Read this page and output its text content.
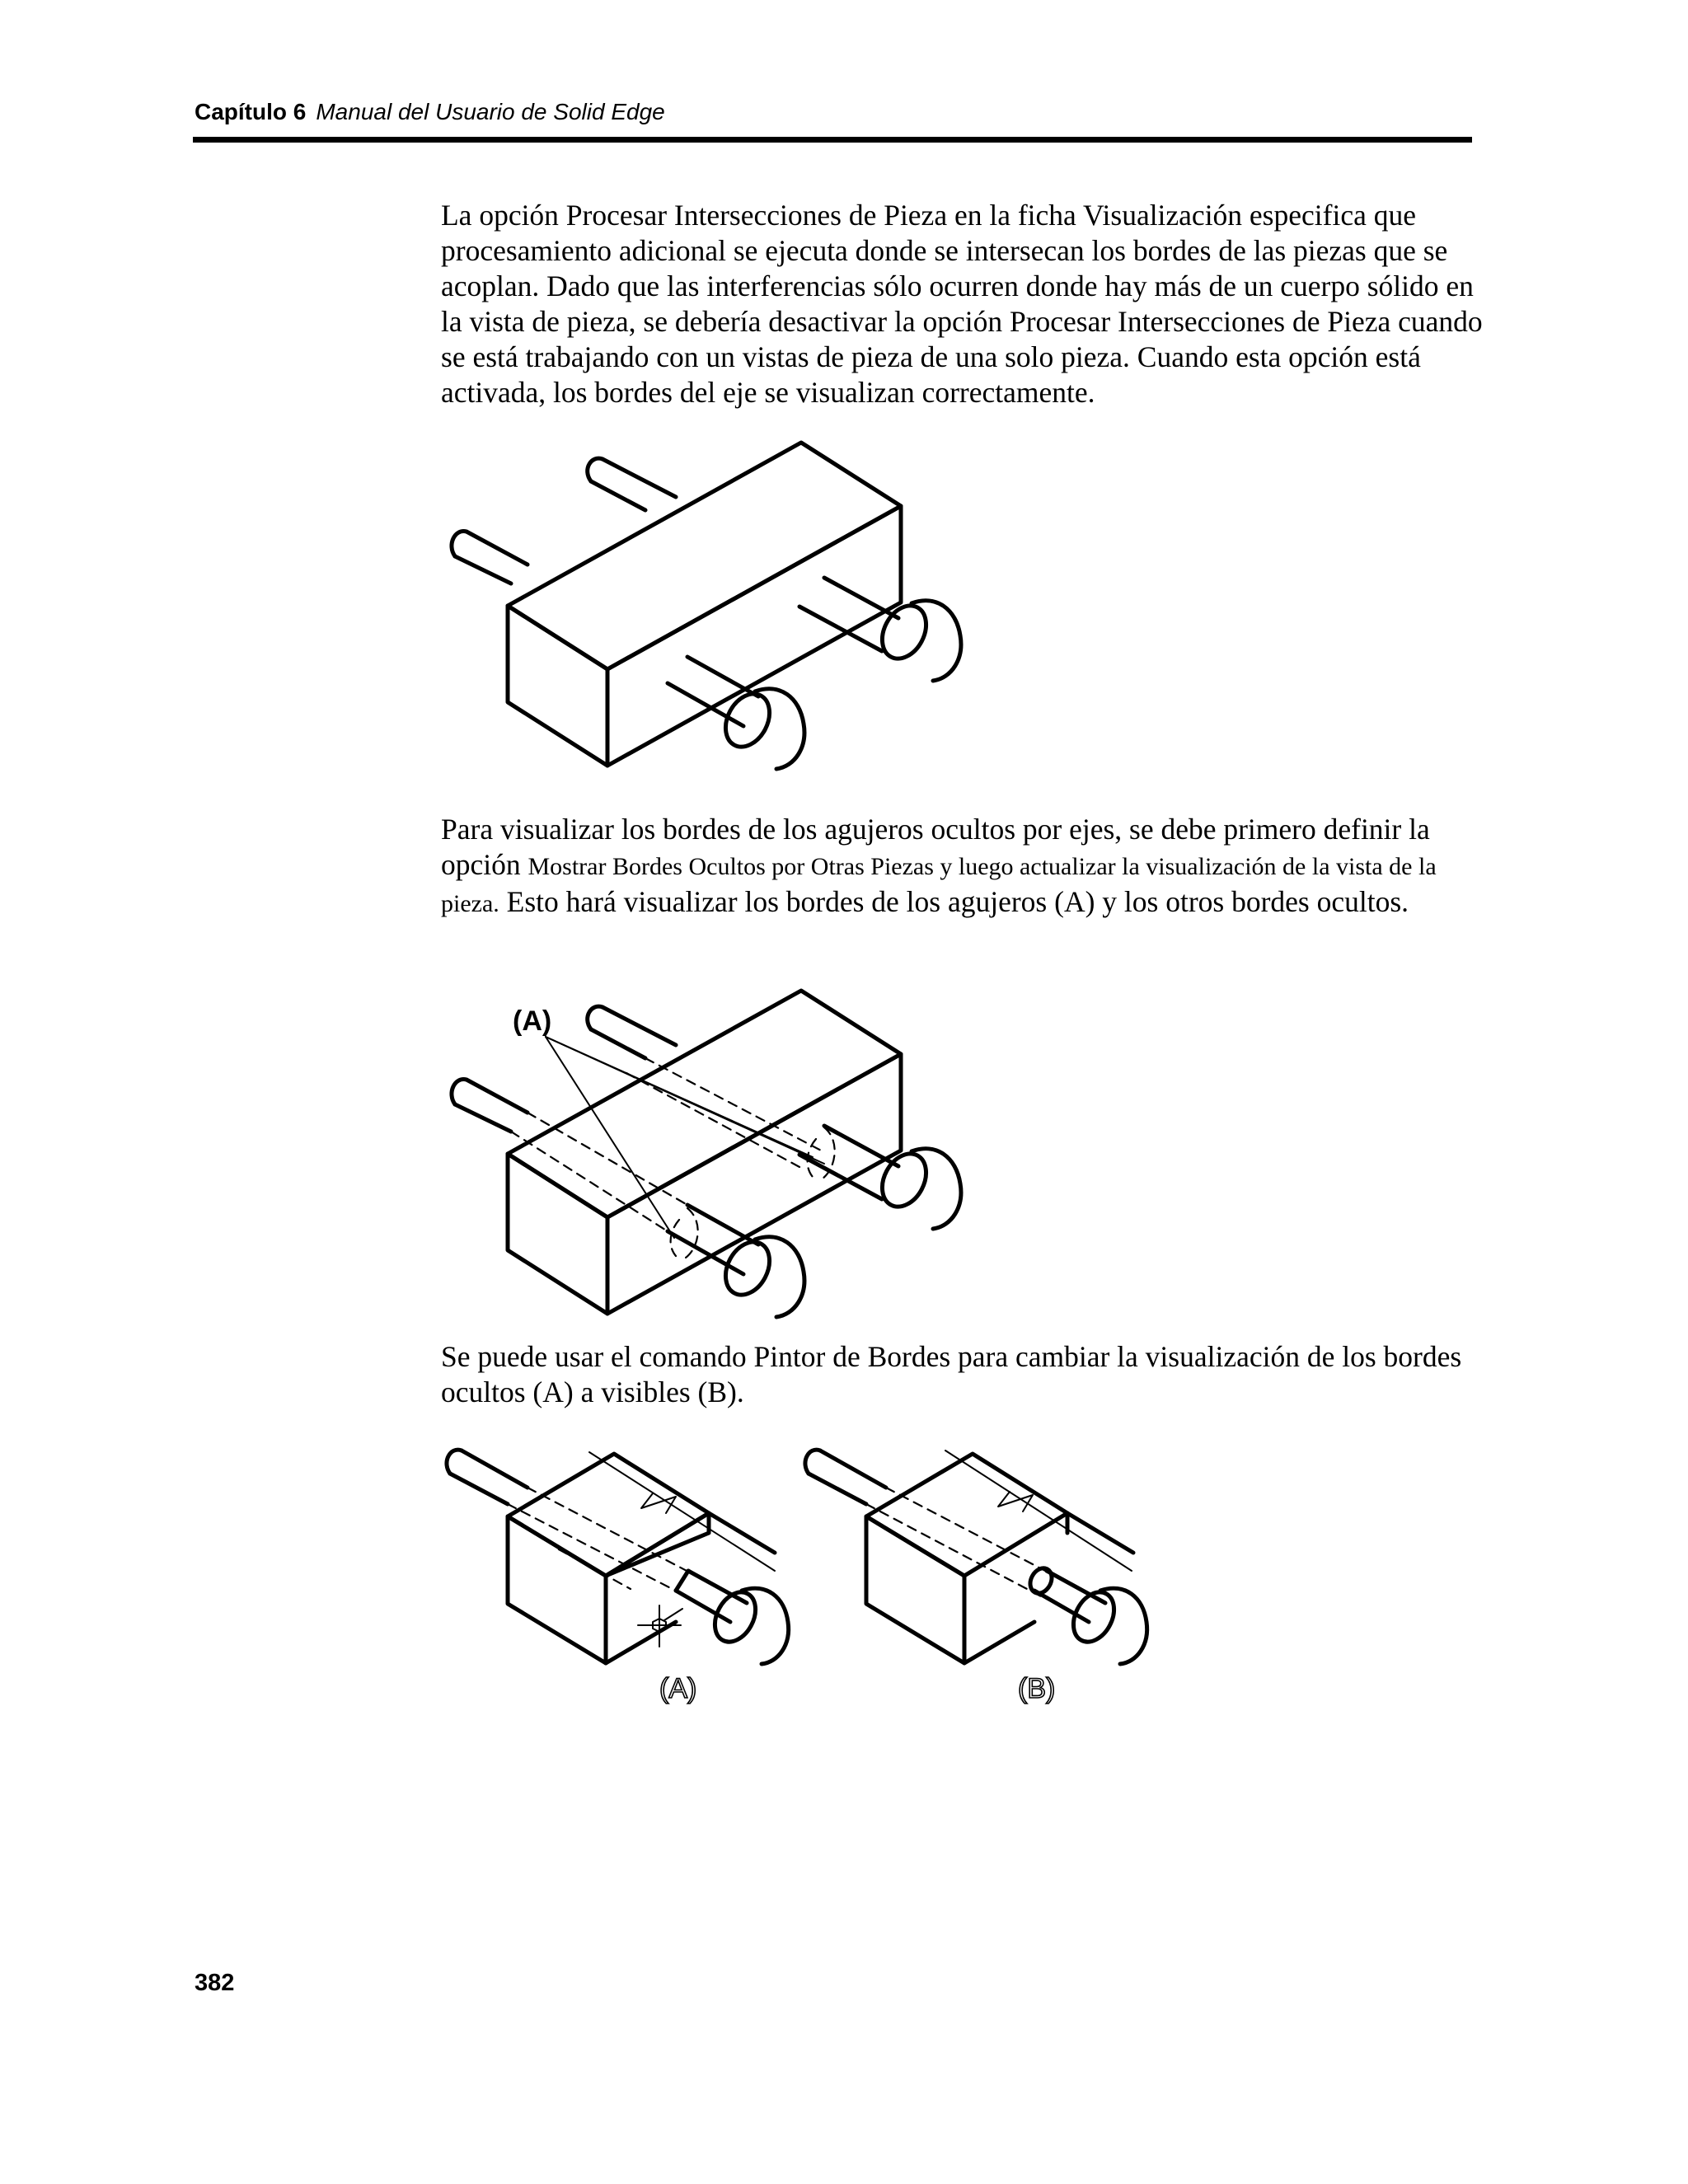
Capítulo 6 Manual del Usuario de Solid Edge

La opción Procesar Intersecciones de Pieza en la ficha Visualización especifica que procesamiento adicional se ejecuta donde se intersecan los bordes de las piezas que se acoplan. Dado que las interferencias sólo ocurren donde hay más de un cuerpo sólido en la vista de pieza, se debería desactivar la opción Procesar Intersecciones de Pieza cuando se está trabajando con un vistas de pieza de una solo pieza. Cuando esta opción está activada, los bordes del eje se visualizan correctamente.

Para visualizar los bordes de los agujeros ocultos por ejes, se debe primero definir la opción Mostrar Bordes Ocultos por Otras Piezas y luego actualizar la visualización de la vista de la pieza. Esto hará visualizar los bordes de los agujeros (A) y los otros bordes ocultos.

(A)

Se puede usar el comando Pintor de Bordes para cambiar la visualización de los bordes ocultos (A) a visibles (B).

(A)	(B)
382
